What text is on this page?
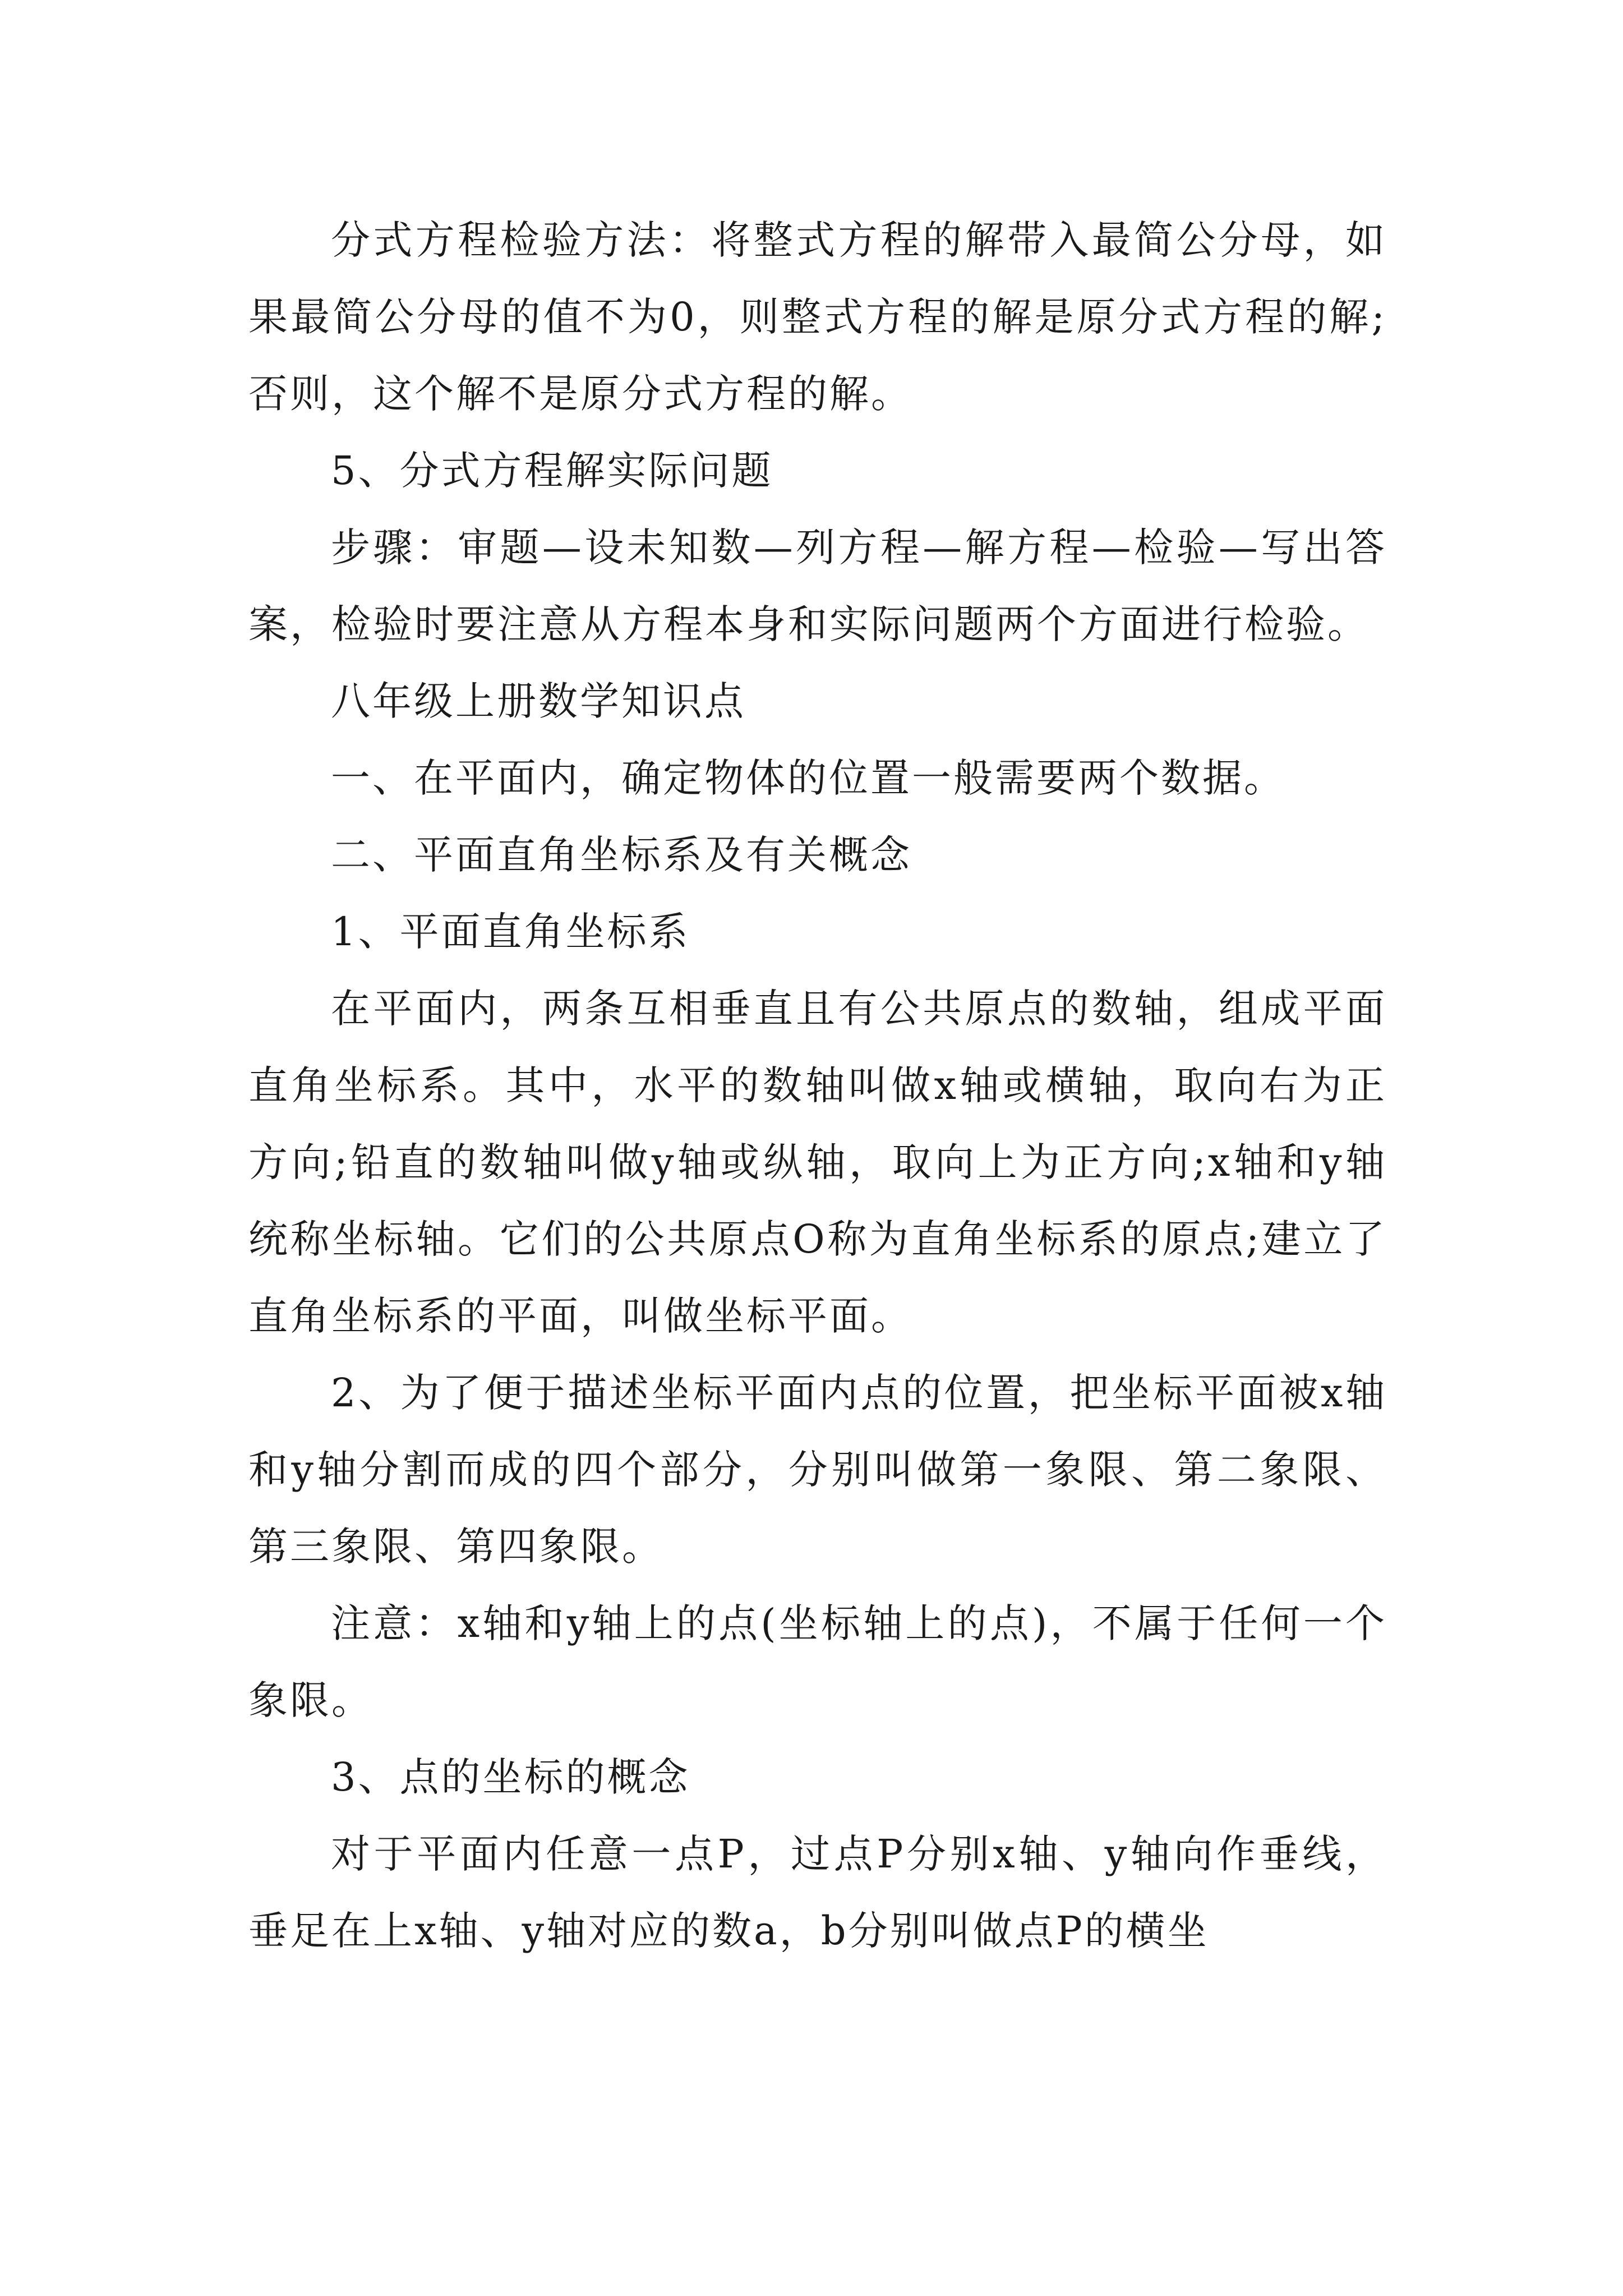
分式方程检验方法：将整式方程的解带入最简公分母，如果最简公分母的值不为0，则整式方程的解是原分式方程的解;否则，这个解不是原分式方程的解。

5、分式方程解实际问题

步骤：审题—设未知数—列方程—解方程—检验—写出答案，检验时要注意从方程本身和实际问题两个方面进行检验。

八年级上册数学知识点

一、在平面内，确定物体的位置一般需要两个数据。

二、平面直角坐标系及有关概念

1、平面直角坐标系

在平面内，两条互相垂直且有公共原点的数轴，组成平面直角坐标系。其中，水平的数轴叫做x轴或横轴，取向右为正方向;铅直的数轴叫做y轴或纵轴，取向上为正方向;x轴和y轴统称坐标轴。它们的公共原点O称为直角坐标系的原点;建立了直角坐标系的平面，叫做坐标平面。

2、为了便于描述坐标平面内点的位置，把坐标平面被x轴和y轴分割而成的四个部分，分别叫做第一象限、第二象限、第三象限、第四象限。

注意：x轴和y轴上的点(坐标轴上的点)，不属于任何一个象限。

3、点的坐标的概念

对于平面内任意一点P，过点P分别x轴、y轴向作垂线，垂足在上x轴、y轴对应的数a，b分别叫做点P的横坐
